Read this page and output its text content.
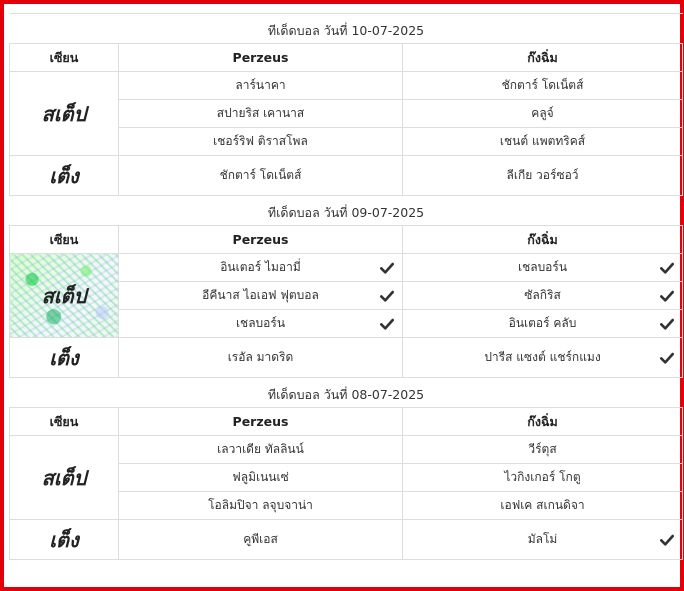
ทีเด็ดบอล วันที่ 10-07-2025		
เซียน	Perzeus	ก๊งฉิ่ม
สเต็ป	ลาร์นาคา	ชักตาร์ โดเน็ตส์
	สปายริส เคานาส	คลูจ์
	เชอร์ริฟ ติราสโพล	เชนต์ แพตทริคส์
เต็ง	ชักตาร์ โดเน็ตส์	ลีเกีย วอร์ซอว์
ทีเด็ดบอล วันที่ 09-07-2025		
เซียน	Perzeus	ก๊งฉิ่ม
สเต็ป	อินเตอร์ ไมอามี่	เชลบอร์น

	อีคีนาส ไอเอฟ ฟุตบอล	ซัลกิริส

	เชลบอร์น	อินเตอร์ คลับ

เต็ง	เรอัล มาดริด	ปารีส แซงต์ แชร์กแมง

ทีเด็ดบอล วันที่ 08-07-2025		
เซียน	Perzeus	ก๊งฉิ่ม
สเต็ป	เลวาเดีย ทัลลินน์	วีร์ตุส
	ฟลูมิเนนเซ่	ไวกิงเกอร์ โกตู
	โอลิมปิจา ลจุบจาน่า	เอฟเค สเกนดิจา
เต็ง	คูพีเอส	มัลโม่
